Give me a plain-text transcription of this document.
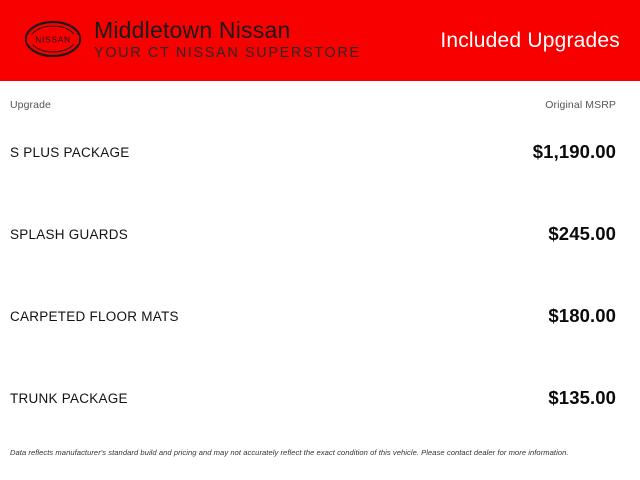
NISSAN Middletown Nissan
YOUR CT NISSAN SUPERSTORE
Included Upgrades
Upgrade	Original MSRP
S PLUS PACKAGE	$1,190.00
SPLASH GUARDS	$245.00
CARPETED FLOOR MATS	$180.00
TRUNK PACKAGE	$135.00
Data reflects manufacturer's standard build and pricing and may not accurately reflect the exact condition of this vehicle. Please contact dealer for more information.
